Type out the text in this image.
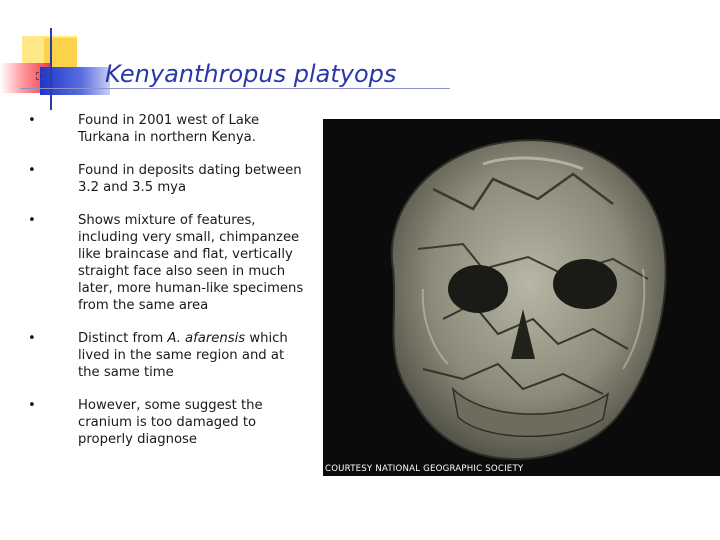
Kenyanthropus platyops
•	Found in 2001 west of Lake Turkana in northern Kenya.
•	Found in deposits dating between 3.2 and 3.5 mya
•	Shows mixture of features, including very small, chimpanzee like braincase and flat, vertically straight face also seen in much later, more human-like specimens from the same area
•	Distinct from A. afarensis which lived in the same region and at the same time
•	However, some suggest the cranium is too damaged to properly diagnose
COURTESY NATIONAL GEOGRAPHIC SOCIETY
